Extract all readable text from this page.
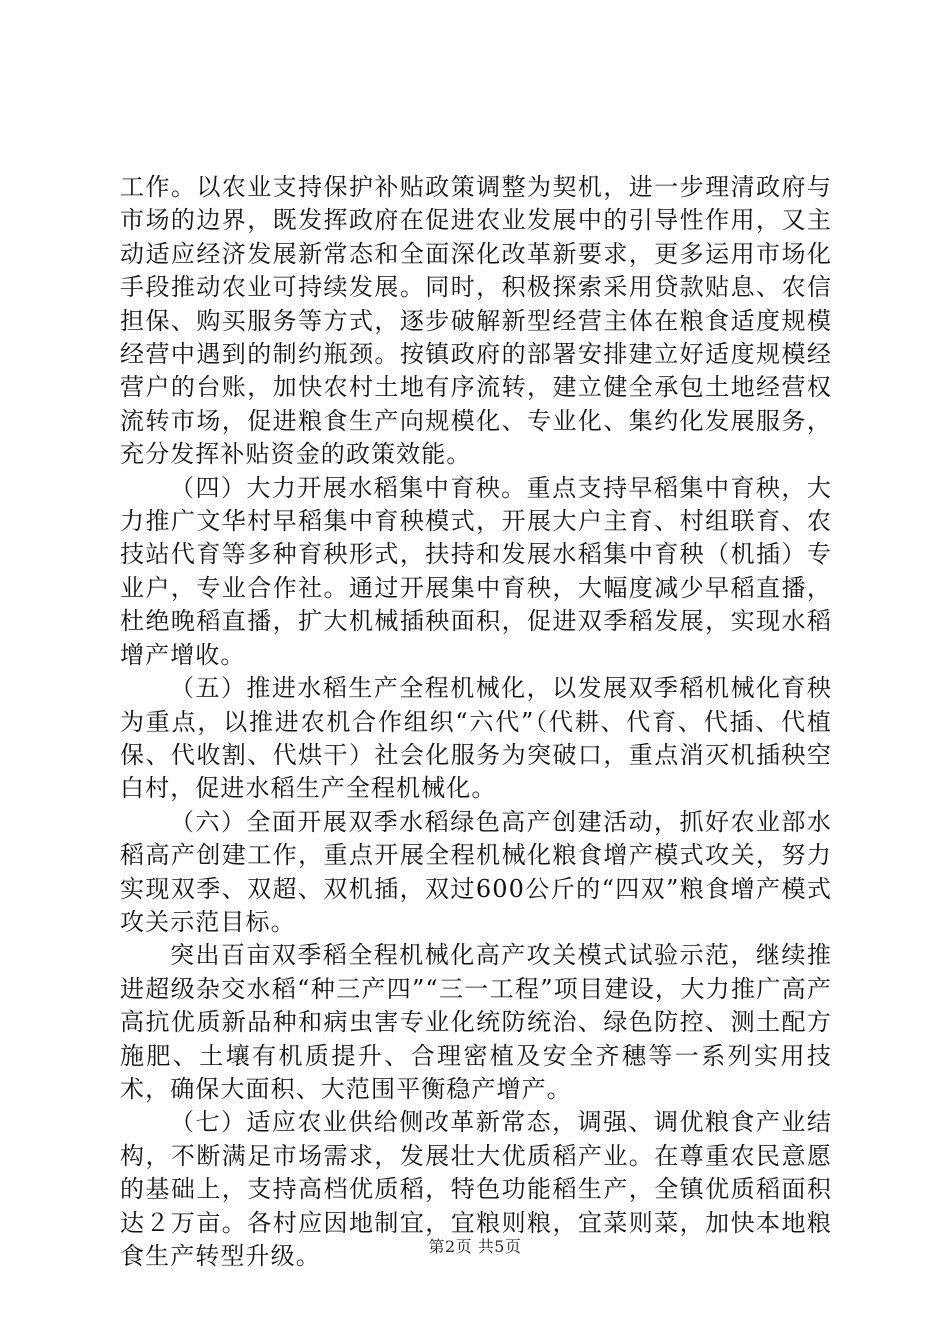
工作。以农业支持保护补贴政策调整为契机，进一步理清政府与市场的边界，既发挥政府在促进农业发展中的引导性作用，又主动适应经济发展新常态和全面深化改革新要求，更多运用市场化手段推动农业可持续发展。同时，积极探索采用贷款贴息、农信担保、购买服务等方式，逐步破解新型经营主体在粮食适度规模经营中遇到的制约瓶颈。按镇政府的部署安排建立好适度规模经营户的台账，加快农村土地有序流转，建立健全承包土地经营权流转市场，促进粮食生产向规模化、专业化、集约化发展服务，充分发挥补贴资金的政策效能。

（四）大力开展水稻集中育秧。重点支持早稻集中育秧，大力推广文华村早稻集中育秧模式，开展大户主育、村组联育、农技站代育等多种育秧形式，扶持和发展水稻集中育秧（机插）专业户，专业合作社。通过开展集中育秧，大幅度减少早稻直播，杜绝晚稻直播，扩大机械插秧面积，促进双季稻发展，实现水稻增产增收。

（五）推进水稻生产全程机械化，以发展双季稻机械化育秧为重点，以推进农机合作组织“六代”（代耕、代育、代插、代植保、代收割、代烘干）社会化服务为突破口，重点消灭机插秧空白村，促进水稻生产全程机械化。

（六）全面开展双季水稻绿色高产创建活动，抓好农业部水稻高产创建工作，重点开展全程机械化粮食增产模式攻关，努力实现双季、双超、双机插，双过600公斤的“四双”粮食增产模式攻关示范目标。

突出百亩双季稻全程机械化高产攻关模式试验示范，继续推进超级杂交水稻“种三产四”“三一工程”项目建设，大力推广高产高抗优质新品种和病虫害专业化统防统治、绿色防控、测土配方施肥、土壤有机质提升、合理密植及安全齐穗等一系列实用技术，确保大面积、大范围平衡稳产增产。

（七）适应农业供给侧改革新常态，调强、调优粮食产业结构，不断满足市场需求，发展壮大优质稻产业。在尊重农民意愿的基础上，支持高档优质稻，特色功能稻生产，全镇优质稻面积达２万亩。各村应因地制宜，宜粮则粮，宜菜则菜，加快本地粮食生产转型升级。	第2页 共5页
